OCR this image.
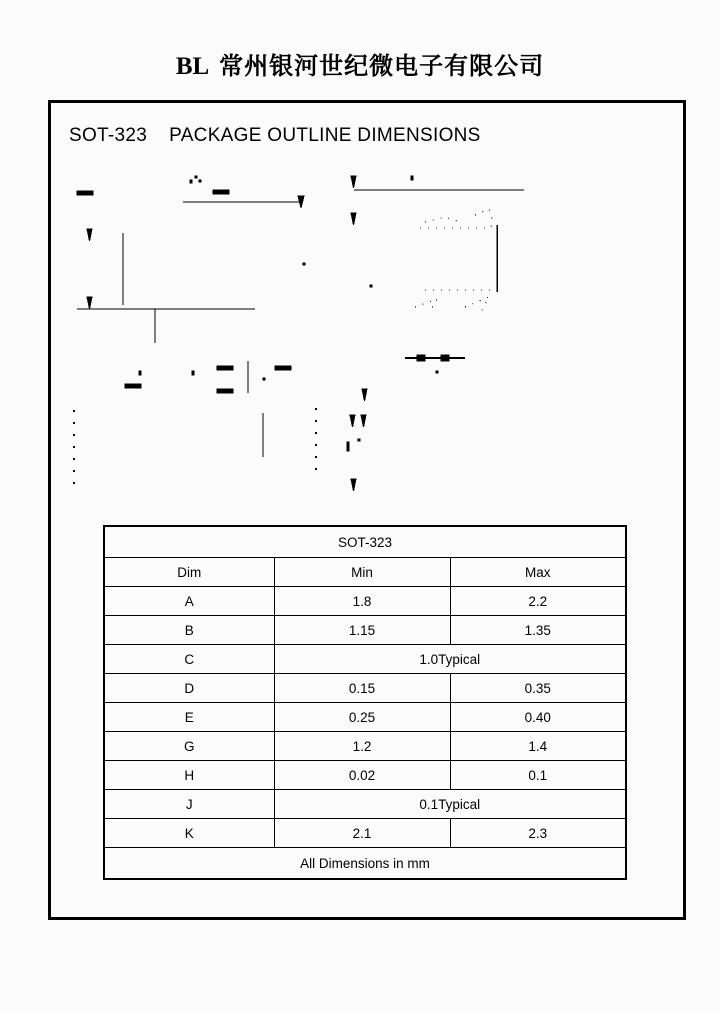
BL 常州银河世纪微电子有限公司
SOT-323 PACKAGE OUTLINE DIMENSIONS
SOT-323		
Dim	Min	Max
A	1.8	2.2
B	1.15	1.35
C	1.0Typical	
D	0.15	0.35
E	0.25	0.40
G	1.2	1.4
H	0.02	0.1
J	0.1Typical	
K	2.1	2.3
All Dimensions in mm		
